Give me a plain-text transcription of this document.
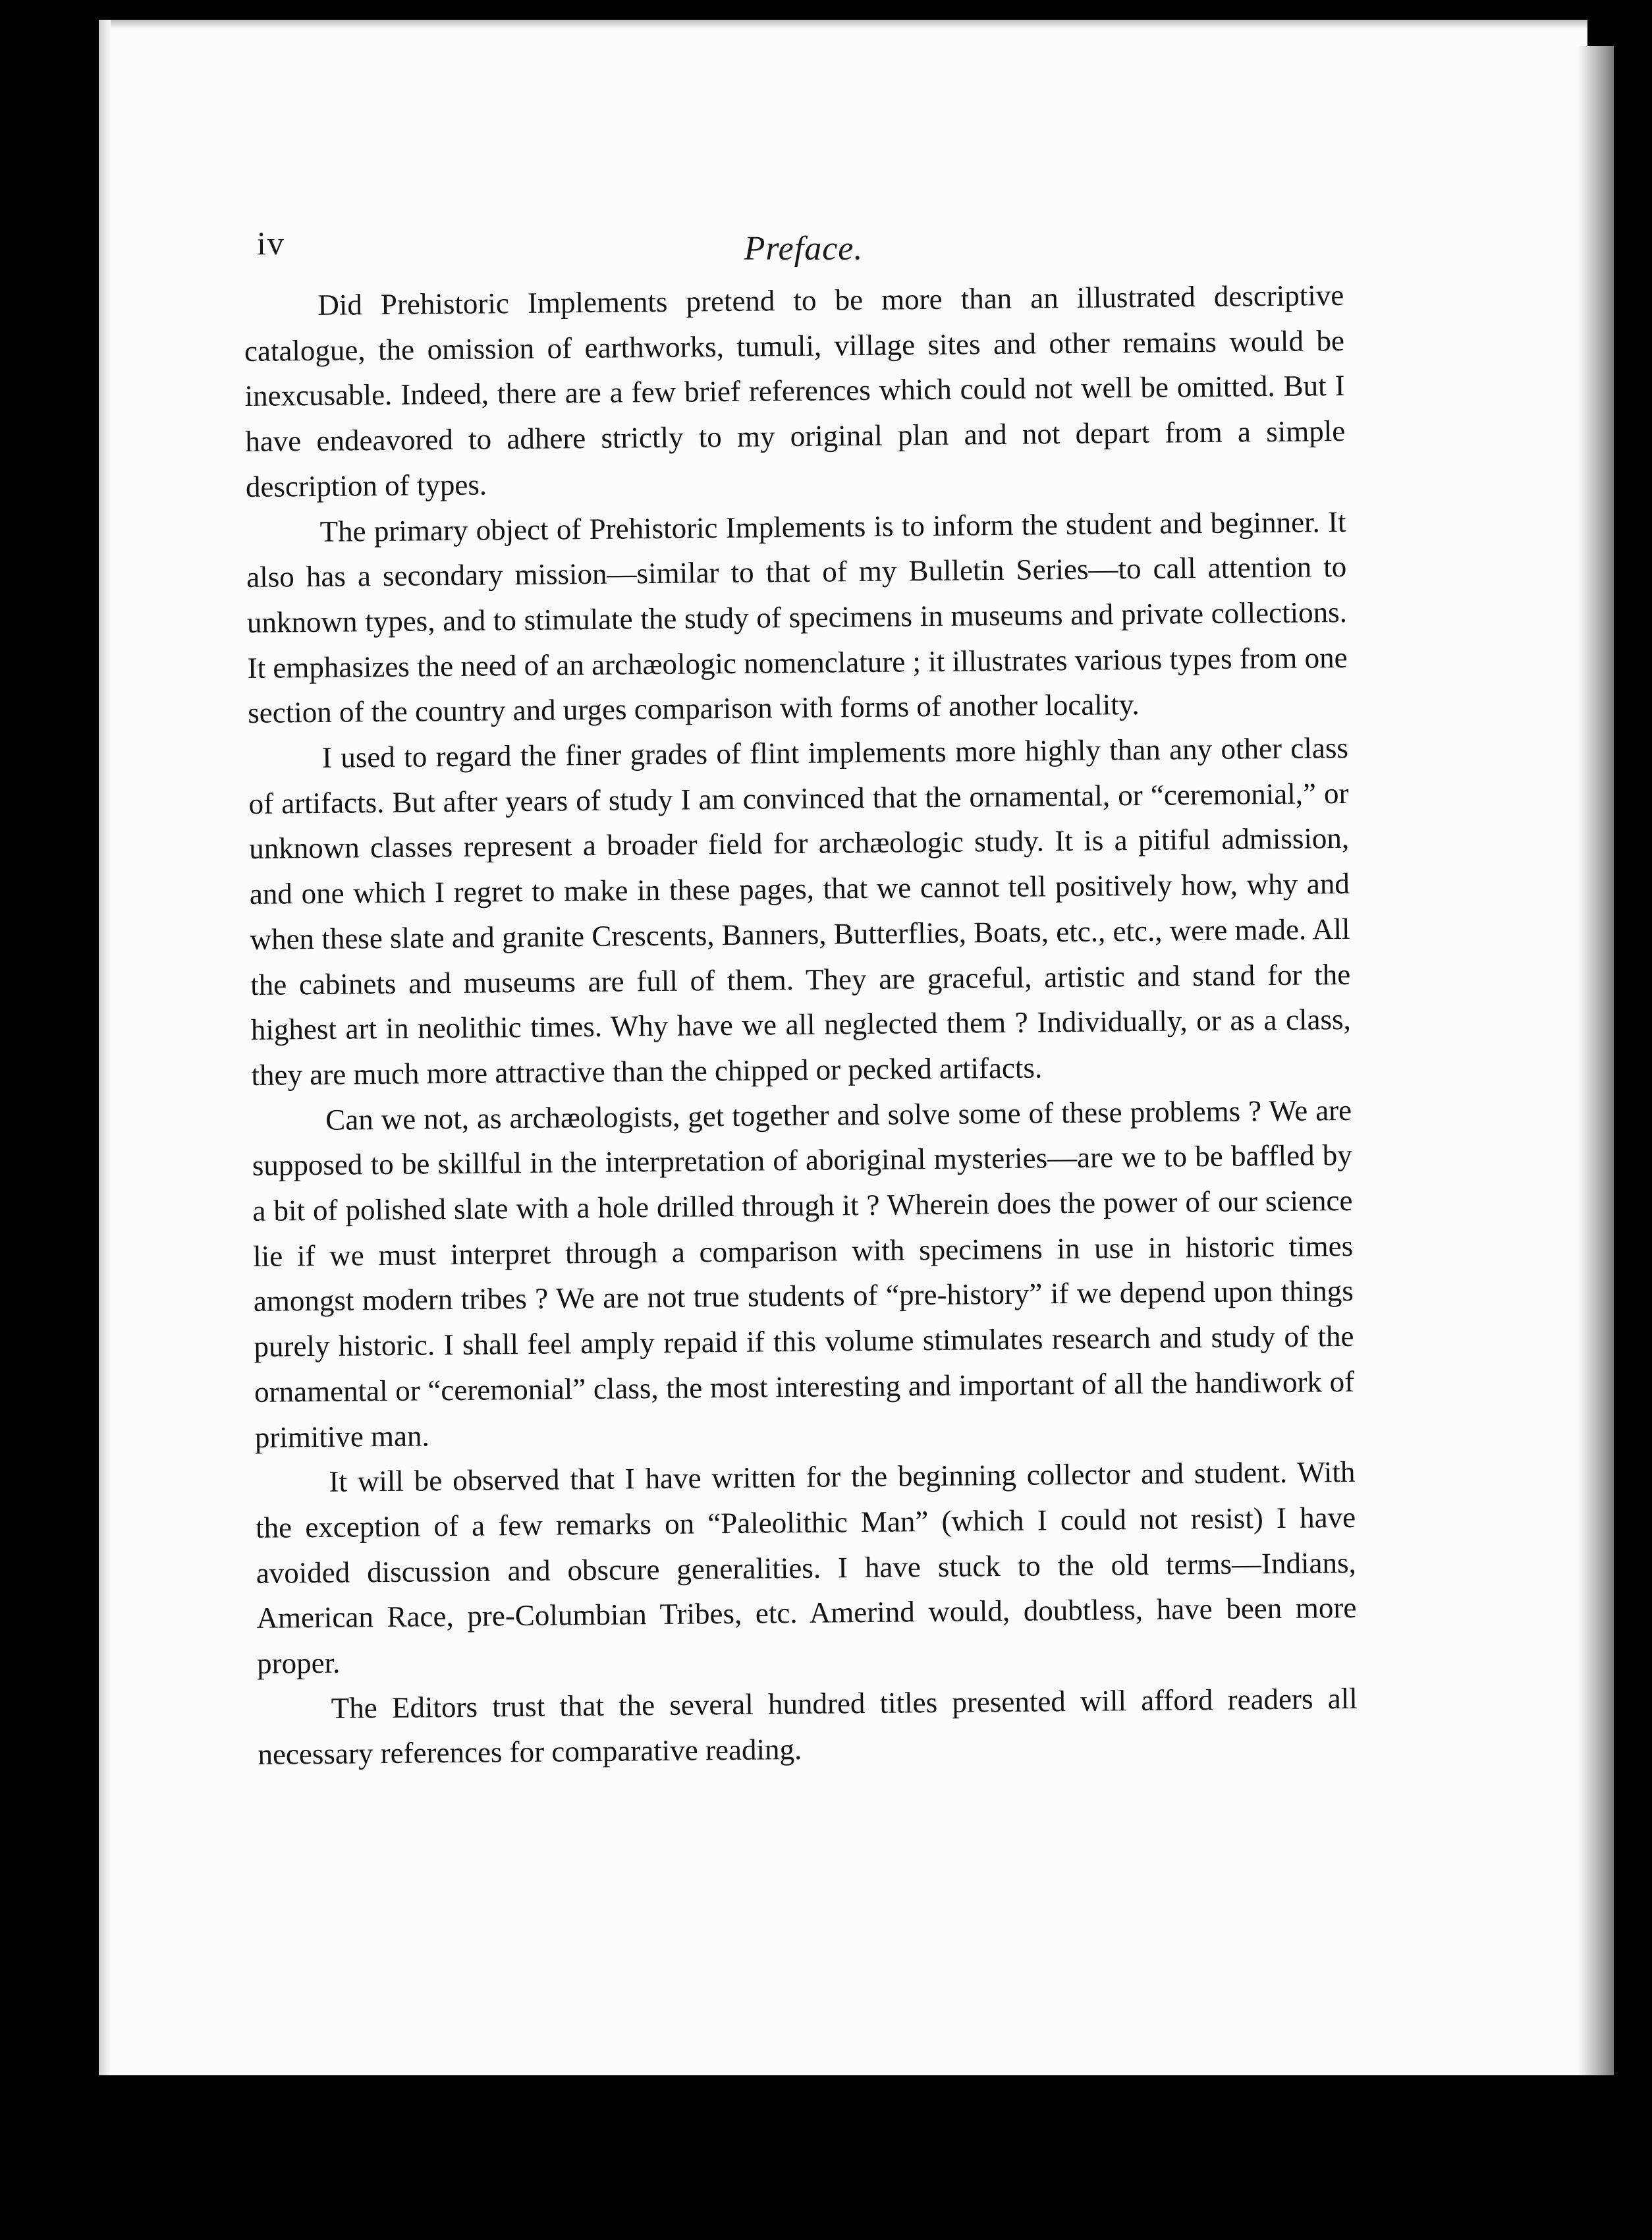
iv	Preface.

Did Prehistoric Implements pretend to be more than an illustrated descriptive catalogue, the omission of earthworks, tumuli, village sites and other remains would be inexcusable. Indeed, there are a few brief references which could not well be omitted. But I have endeavored to adhere strictly to my original plan and not depart from a simple description of types.

The primary object of Prehistoric Implements is to inform the student and beginner. It also has a secondary mission—similar to that of my Bulletin Series—to call attention to unknown types, and to stimulate the study of specimens in museums and private collections. It emphasizes the need of an archæologic nomenclature ; it illustrates various types from one section of the country and urges comparison with forms of another locality.

I used to regard the finer grades of flint implements more highly than any other class of artifacts. But after years of study I am convinced that the ornamental, or “ceremonial,” or unknown classes represent a broader field for archæologic study. It is a pitiful admission, and one which I regret to make in these pages, that we cannot tell positively how, why and when these slate and granite Crescents, Banners, Butterflies, Boats, etc., etc., were made. All the cabinets and museums are full of them. They are graceful, artistic and stand for the highest art in neolithic times. Why have we all neglected them ? Individually, or as a class, they are much more attractive than the chipped or pecked artifacts.

Can we not, as archæologists, get together and solve some of these problems ? We are supposed to be skillful in the interpretation of aboriginal mysteries—are we to be baffled by a bit of polished slate with a hole drilled through it ? Wherein does the power of our science lie if we must interpret through a comparison with specimens in use in historic times amongst modern tribes ? We are not true students of “pre-history” if we depend upon things purely historic. I shall feel amply repaid if this volume stimulates research and study of the ornamental or “ceremonial” class, the most interesting and important of all the handiwork of primitive man.

It will be observed that I have written for the beginning collector and student. With the exception of a few remarks on “Paleolithic Man” (which I could not resist) I have avoided discussion and obscure generalities. I have stuck to the old terms—Indians, American Race, pre-Columbian Tribes, etc. Amerind would, doubtless, have been more proper.

The Editors trust that the several hundred titles presented will afford readers all necessary references for comparative reading.
